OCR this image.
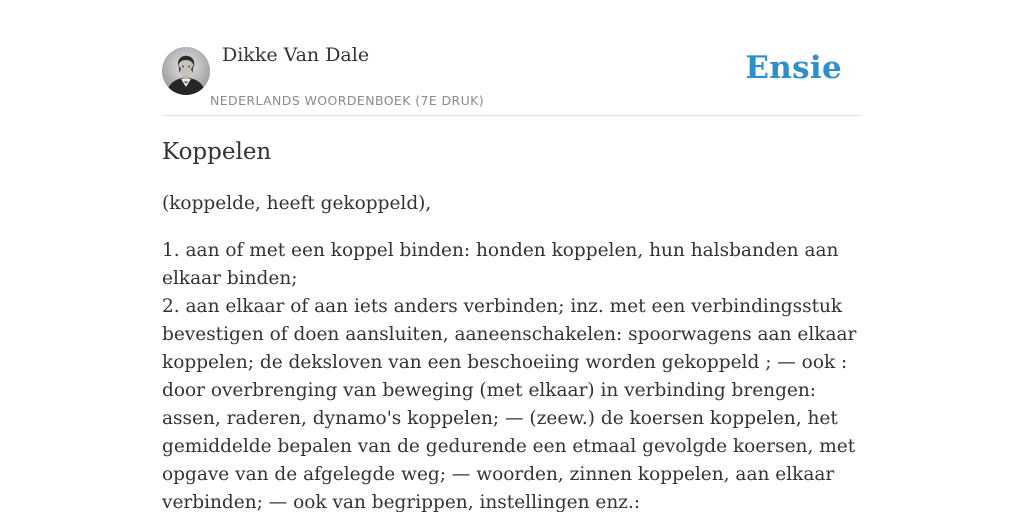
Dikke Van Dale
NEDERLANDS WOORDENBOEK (7E DRUK)
Ensie
Koppelen

(koppelde, heeft gekoppeld),

1. aan of met een koppel binden: honden koppelen, hun halsbanden aan elkaar binden;
2. aan elkaar of aan iets anders verbinden; inz. met een verbindingsstuk bevestigen of doen aansluiten, aaneenschakelen: spoorwagens aan elkaar koppelen; de deksloven van een beschoeiing worden gekoppeld ; — ook : door overbrenging van beweging (met elkaar) in verbinding brengen: assen, raderen, dynamo's koppelen; — (zeew.) de koersen koppelen, het gemiddelde bepalen van de gedurende een etmaal gevolgde koersen, met opgave van de afgelegde weg; — woorden, zinnen koppelen, aan elkaar verbinden; — ook van begrippen, instellingen enz.:
